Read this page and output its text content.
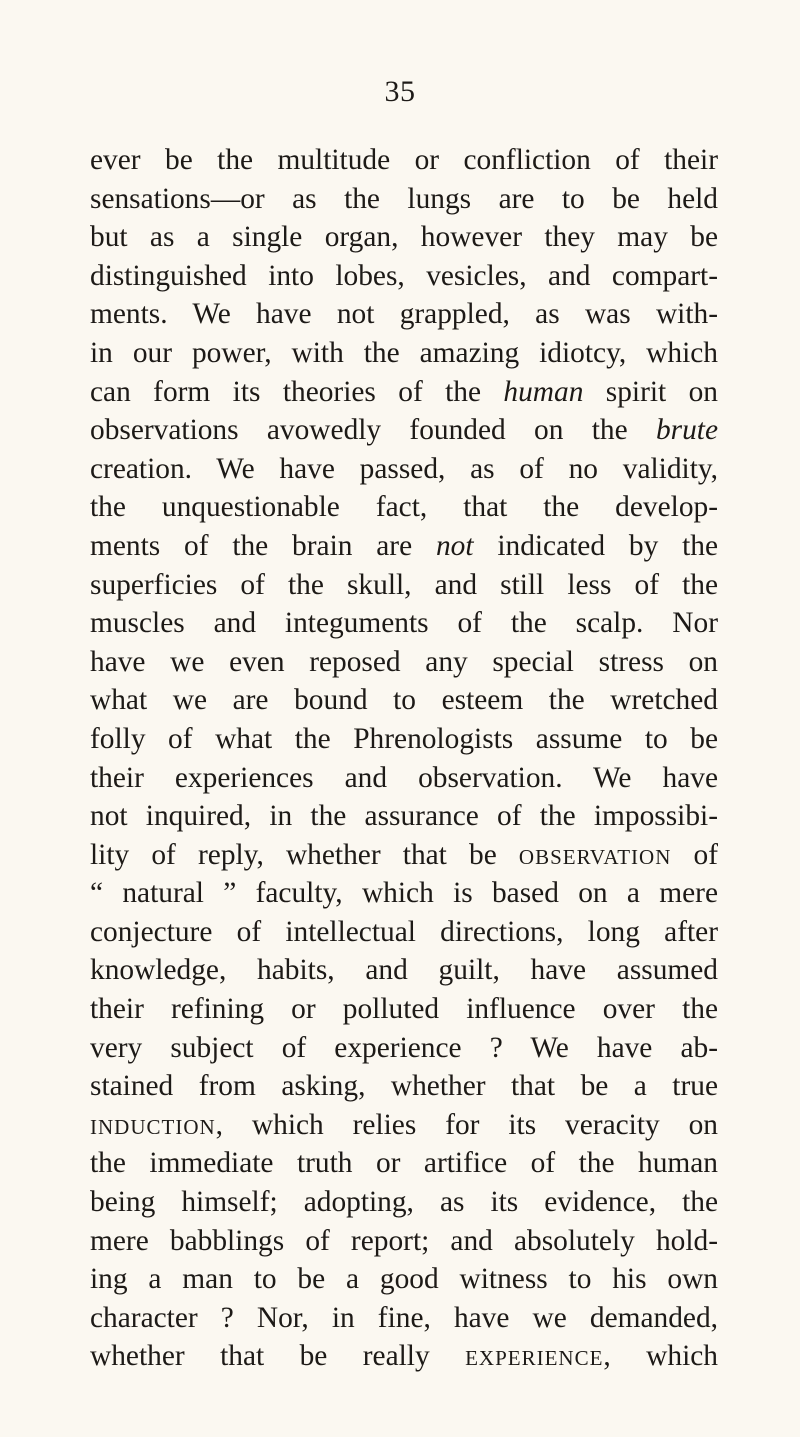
35
ever be the multitude or confliction of their
sensations—or as the lungs are to be held
but as a single organ, however they may be
distinguished into lobes, vesicles, and compart-
ments. We have not grappled, as was with-
in our power, with the amazing idiotcy, which
can form its theories of the human spirit on
observations avowedly founded on the brute
creation. We have passed, as of no validity,
the unquestionable fact, that the develop-
ments of the brain are not indicated by the
superficies of the skull, and still less of the
muscles and integuments of the scalp. Nor
have we even reposed any special stress on
what we are bound to esteem the wretched
folly of what the Phrenologists assume to be
their experiences and observation. We have
not inquired, in the assurance of the impossibi-
lity of reply, whether that be observation of
“ natural ” faculty, which is based on a mere
conjecture of intellectual directions, long after
knowledge, habits, and guilt, have assumed
their refining or polluted influence over the
very subject of experience ? We have ab-
stained from asking, whether that be a true
induction, which relies for its veracity on
the immediate truth or artifice of the human
being himself; adopting, as its evidence, the
mere babblings of report; and absolutely hold-
ing a man to be a good witness to his own
character ? Nor, in fine, have we demanded,
whether that be really experience, which
